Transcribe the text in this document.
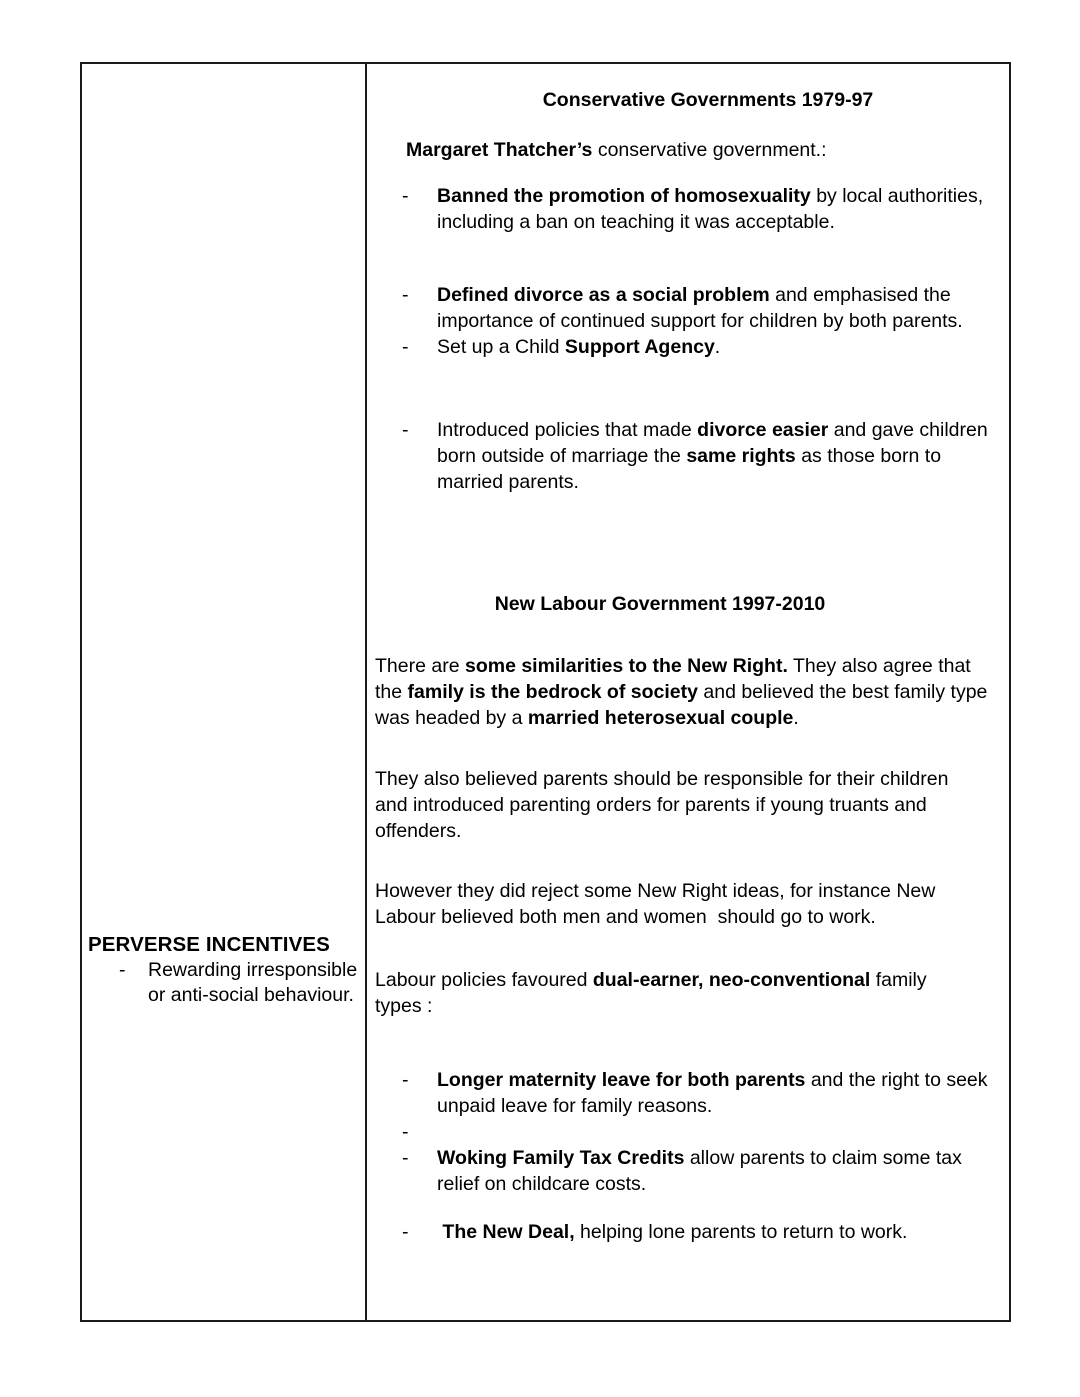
PERVERSE INCENTIVES
- Rewarding irresponsible or anti-social behaviour.

Conservative Governments 1979-97
Margaret Thatcher’s conservative government.:
- Banned the promotion of homosexuality by local authorities, including a ban on teaching it was acceptable.
- Defined divorce as a social problem and emphasised the importance of continued support for children by both parents.
- Set up a Child Support Agency.
- Introduced policies that made divorce easier and gave children born outside of marriage the same rights as those born to married parents.
New Labour Government 1997-2010
There are some similarities to the New Right. They also agree that the family is the bedrock of society and believed the best family type was headed by a married heterosexual couple.
They also believed parents should be responsible for their children and introduced parenting orders for parents if young truants and offenders.
However they did reject some New Right ideas, for instance New Labour believed both men and women  should go to work.
Labour policies favoured dual-earner, neo-conventional family types :
- Longer maternity leave for both parents and the right to seek unpaid leave for family reasons.
-
- Woking Family Tax Credits allow parents to claim some tax relief on childcare costs.
- The New Deal, helping lone parents to return to work.
